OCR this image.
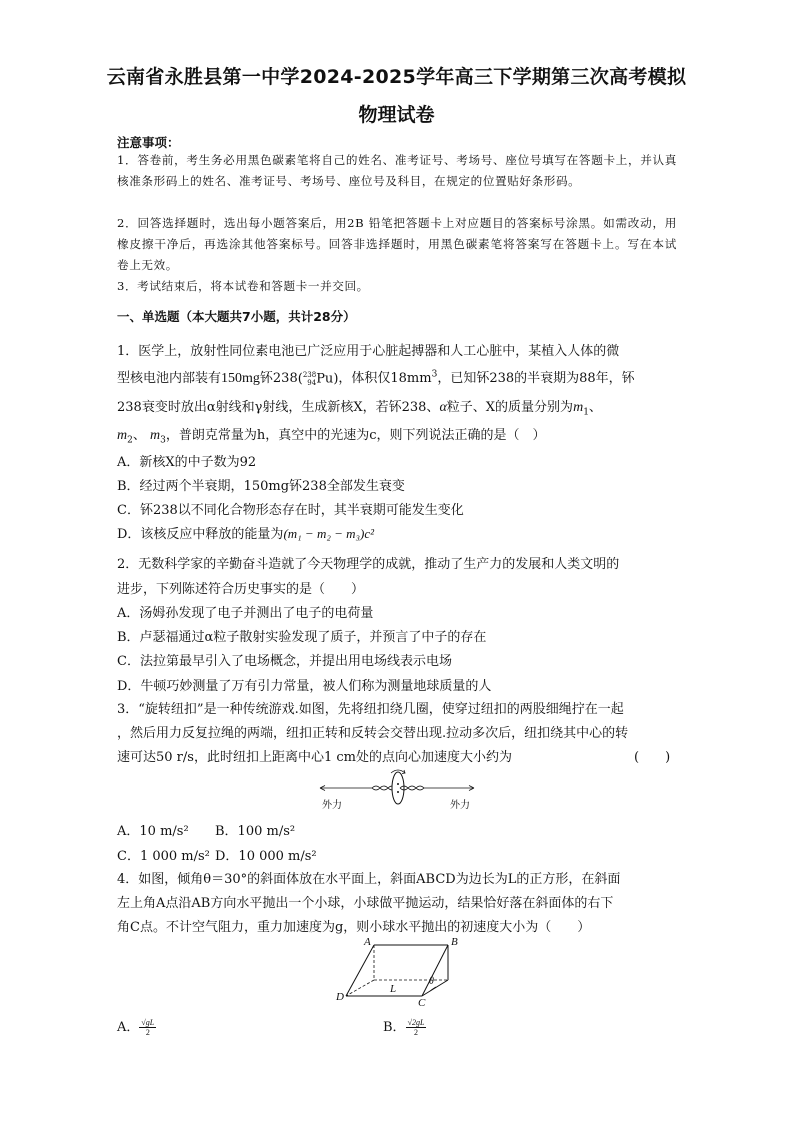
云南省永胜县第一中学2024-2025学年高三下学期第三次高考模拟
物理试卷
注意事项：
1．答卷前，考生务必用黑色碳素笔将自己的姓名、准考证号、考场号、座位号填写在答题卡上，并认真核准条形码上的姓名、准考证号、考场号、座位号及科目，在规定的位置贴好条形码。
2．回答选择题时，选出每小题答案后，用2B 铅笔把答题卡上对应题目的答案标号涂黑。如需改动，用橡皮擦干净后，再选涂其他答案标号。回答非选择题时，用黑色碳素笔将答案写在答题卡上。写在本试卷上无效。
3．考试结束后，将本试卷和答题卡一并交回。
一、单选题（本大题共7小题，共计28分）
1．医学上，放射性同位素电池已广泛应用于心脏起搏器和人工心脏中，某植入人体的微
型核电池内部装有150mg钚238( 238
94 Pu)，体积仅$18mm^3$，已知钚238的半衰期为88年，钚
238衰变时放出α射线和γ射线，生成新核X，若钚238、α粒子、X的质量分别为$m_1$、
$m_2$、 $m_3$，普朗克常量为h，真空中的光速为c，则下列说法正确的是（　）
A．新核X的中子数为92
B．经过两个半衰期，150mg钚238全部发生衰变
C．钚238以不同化合物形态存在时，其半衰期可能发生变化
D．该核反应中释放的能量为(m₁ − m₂ − m₃)c²
2．无数科学家的辛勤奋斗造就了今天物理学的成就，推动了生产力的发展和人类文明的
进步，下列陈述符合历史事实的是（　　）
A．汤姆孙发现了电子并测出了电子的电荷量
B．卢瑟福通过α粒子散射实验发现了质子，并预言了中子的存在
C．法拉第最早引入了电场概念，并提出用电场线表示电场
D．牛顿巧妙测量了万有引力常量，被人们称为测量地球质量的人
3．“旋转纽扣”是一种传统游戏.如图，先将纽扣绕几圈，使穿过纽扣的两股细绳拧在一起
，然后用力反复拉绳的两端，纽扣正转和反转会交替出现.拉动多次后，纽扣绕其中心的转
速可达50 r/s，此时纽扣上距离中心1 cm处的点向心加速度大小约为	(　　)
外力	外力
A．10 m/s² B．100 m/s²
C．1 000 m/s² D．10 000 m/s²
4．如图，倾角θ＝30°的斜面体放在水平面上，斜面ABCD为边长为L的正方形，在斜面
左上角A点沿AB方向水平抛出一个小球，小球做平抛运动，结果恰好落在斜面体的右下
角C点。不计空气阻力，重力加速度为g，则小球水平抛出的初速度大小为（　　）
A	B
D	C
L
θ
A． $\frac{√gL}{2}$	B． $\frac{√2gL}{2}$
